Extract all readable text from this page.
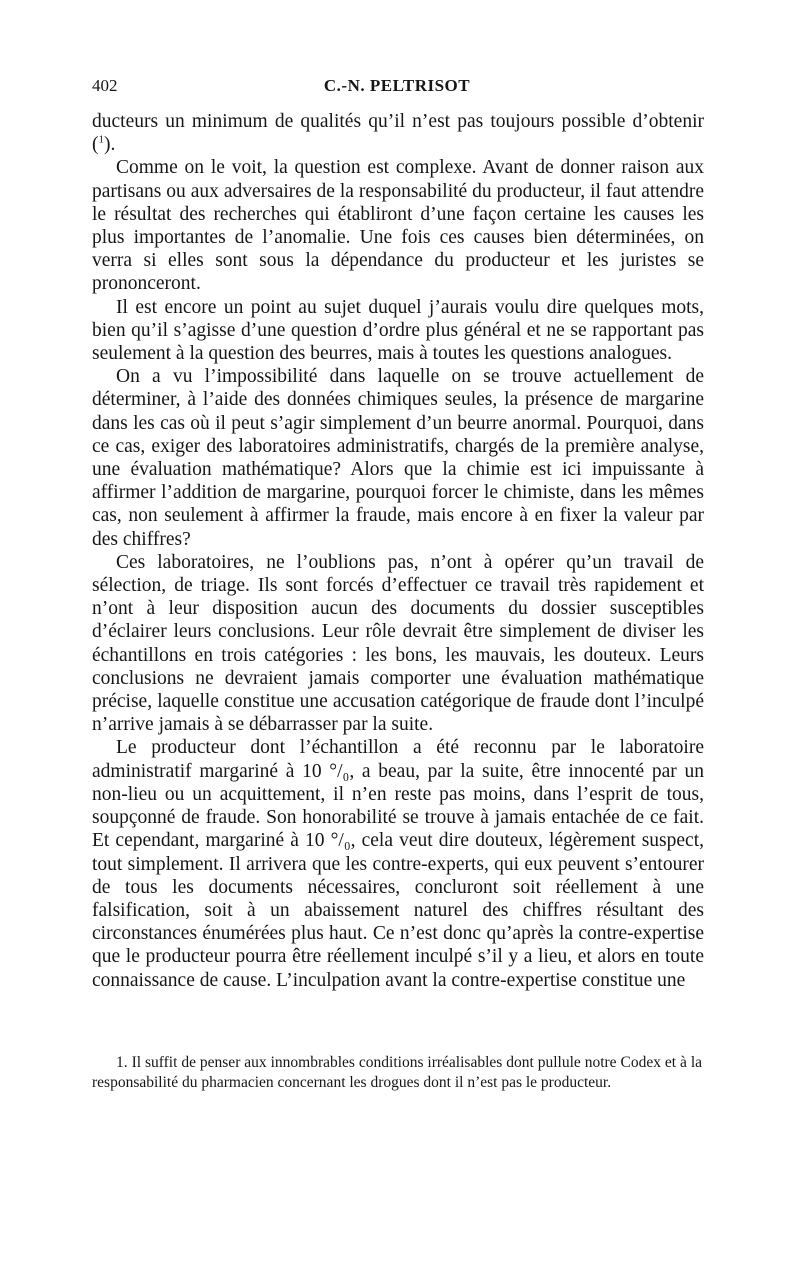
402	C.-N. PELTRISOT

ducteurs un minimum de qualités qu’il n’est pas toujours possible d’obtenir ($^1$).

Comme on le voit, la question est complexe. Avant de donner raison aux partisans ou aux adversaires de la responsabilité du producteur, il faut attendre le résultat des recherches qui établiront d’une façon certaine les causes les plus importantes de l’anomalie. Une fois ces causes bien déterminées, on verra si elles sont sous la dépendance du producteur et les juristes se prononceront.

Il est encore un point au sujet duquel j’aurais voulu dire quelques mots, bien qu’il s’agisse d’une question d’ordre plus général et ne se rapportant pas seulement à la question des beurres, mais à toutes les questions analogues.

On a vu l’impossibilité dans laquelle on se trouve actuellement de déterminer, à l’aide des données chimiques seules, la présence de margarine dans les cas où il peut s’agir simplement d’un beurre anormal. Pourquoi, dans ce cas, exiger des laboratoires administratifs, chargés de la première analyse, une évaluation mathématique? Alors que la chimie est ici impuissante à affirmer l’addition de margarine, pourquoi forcer le chimiste, dans les mêmes cas, non seulement à affirmer la fraude, mais encore à en fixer la valeur par des chiffres?

Ces laboratoires, ne l’oublions pas, n’ont à opérer qu’un travail de sélection, de triage. Ils sont forcés d’effectuer ce travail très rapidement et n’ont à leur disposition aucun des documents du dossier susceptibles d’éclairer leurs conclusions. Leur rôle devrait être simplement de diviser les échantillons en trois catégories : les bons, les mauvais, les douteux. Leurs conclusions ne devraient jamais comporter une évaluation mathématique précise, laquelle constitue une accusation catégorique de fraude dont l’inculpé n’arrive jamais à se débarrasser par la suite.

Le producteur dont l’échantillon a été reconnu par le laboratoire administratif margariné à 10 °/₀, a beau, par la suite, être innocenté par un non-lieu ou un acquittement, il n’en reste pas moins, dans l’esprit de tous, soupçonné de fraude. Son honorabilité se trouve à jamais entachée de ce fait. Et cependant, margariné à 10 °/₀, cela veut dire douteux, légèrement suspect, tout simplement. Il arrivera que les contre-experts, qui eux peuvent s’entourer de tous les documents nécessaires, concluront soit réellement à une falsification, soit à un abaissement naturel des chiffres résultant des circonstances énumérées plus haut. Ce n’est donc qu’après la contre-expertise que le producteur pourra être réellement inculpé s’il y a lieu, et alors en toute connaissance de cause. L’inculpation avant la contre-expertise constitue une

1. Il suffit de penser aux innombrables conditions irréalisables dont pullule notre Codex et à la responsabilité du pharmacien concernant les drogues dont il n’est pas le producteur.
